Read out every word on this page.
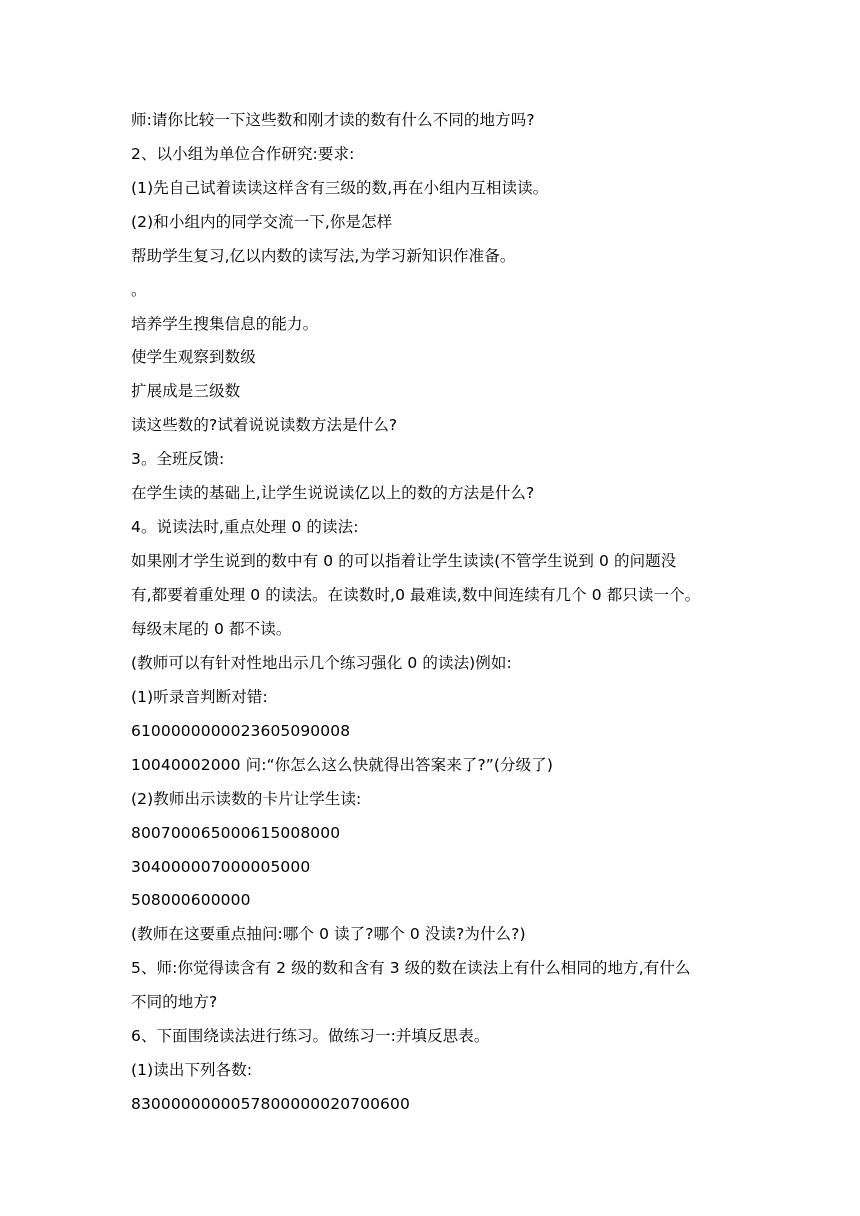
师:请你比较一下这些数和刚才读的数有什么不同的地方吗?
2、以小组为单位合作研究:要求:
(1)先自己试着读读这样含有三级的数,再在小组内互相读读。
(2)和小组内的同学交流一下,你是怎样
帮助学生复习,亿以内数的读写法,为学习新知识作准备。
。
培养学生搜集信息的能力。
使学生观察到数级
扩展成是三级数
读这些数的?试着说说读数方法是什么?
3。全班反馈:
在学生读的基础上,让学生说说读亿以上的数的方法是什么?
4。说读法时,重点处理 0 的读法:
如果刚才学生说到的数中有 0 的可以指着让学生读读(不管学生说到 0 的问题没
有,都要着重处理 0 的读法。在读数时,0 最难读,数中间连续有几个 0 都只读一个。
每级末尾的 0 都不读。
(教师可以有针对性地出示几个练习强化 0 的读法)例如:
(1)听录音判断对错:
6100000000023605090008
10040002000 问:“你怎么这么快就得出答案来了?”(分级了)
(2)教师出示读数的卡片让学生读:
800700065000615008000
304000007000005000
508000600000
(教师在这要重点抽问:哪个 0 读了?哪个 0 没读?为什么?)
5、师:你觉得读含有 2 级的数和含有 3 级的数在读法上有什么相同的地方,有什么
不同的地方?
6、下面围绕读法进行练习。做练习一:并填反思表。
(1)读出下列各数:
8300000000057800000020700600
